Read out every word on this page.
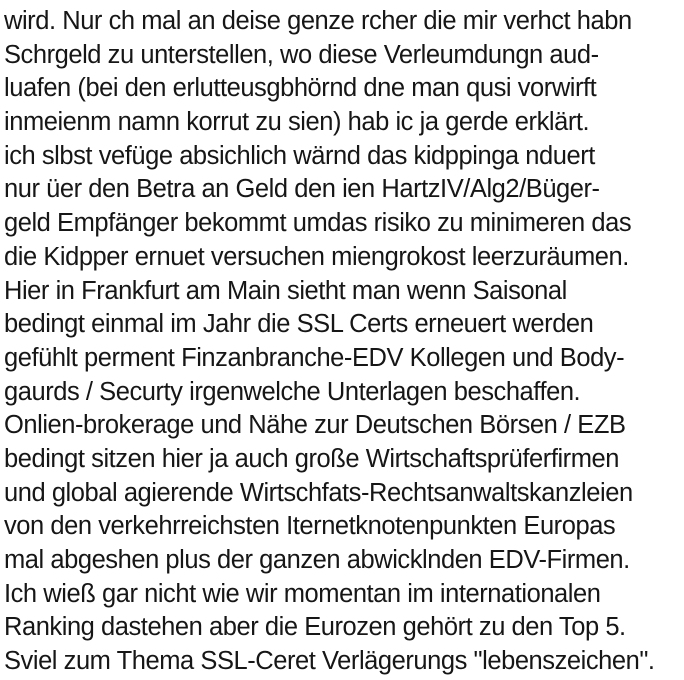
wird. Nur ch mal an deise genze rcher die mir verhct habn
Schrgeld zu unterstellen, wo diese Verleumdungn aud-
luafen (bei den erlutteusgbhörnd dne man qusi vorwirft
inmeienm namn korrut zu sien) hab ic ja gerde erklärt.
ich slbst vefüge absichlich wärnd das kidppinga nduert
nur üer den Betra an Geld den ien HartzIV/Alg2/Büger-
geld Empfänger bekommt umdas risiko zu minimeren das
die Kidpper ernuet versuchen miengrokost leerzuräumen.
Hier in Frankfurt am Main sietht man wenn Saisonal
bedingt einmal im Jahr die SSL Certs erneuert werden
gefühlt perment Finzanbranche-EDV Kollegen und Body-
gaurds / Securty irgenwelche Unterlagen beschaffen.
Onlien-brokerage und Nähe zur Deutschen Börsen / EZB
bedingt sitzen hier ja auch große Wirtschaftsprüferfirmen
und global agierende Wirtschfats-Rechtsanwaltskanzleien
von den verkehrreichsten Iternetknotenpunkten Europas
mal abgeshen plus der ganzen abwicklnden EDV-Firmen.
Ich wieß gar nicht wie wir momentan im internationalen
Ranking dastehen aber die Eurozen gehört zu den Top 5.
Sviel zum Thema SSL-Ceret Verlägerungs "lebenszeichen".
